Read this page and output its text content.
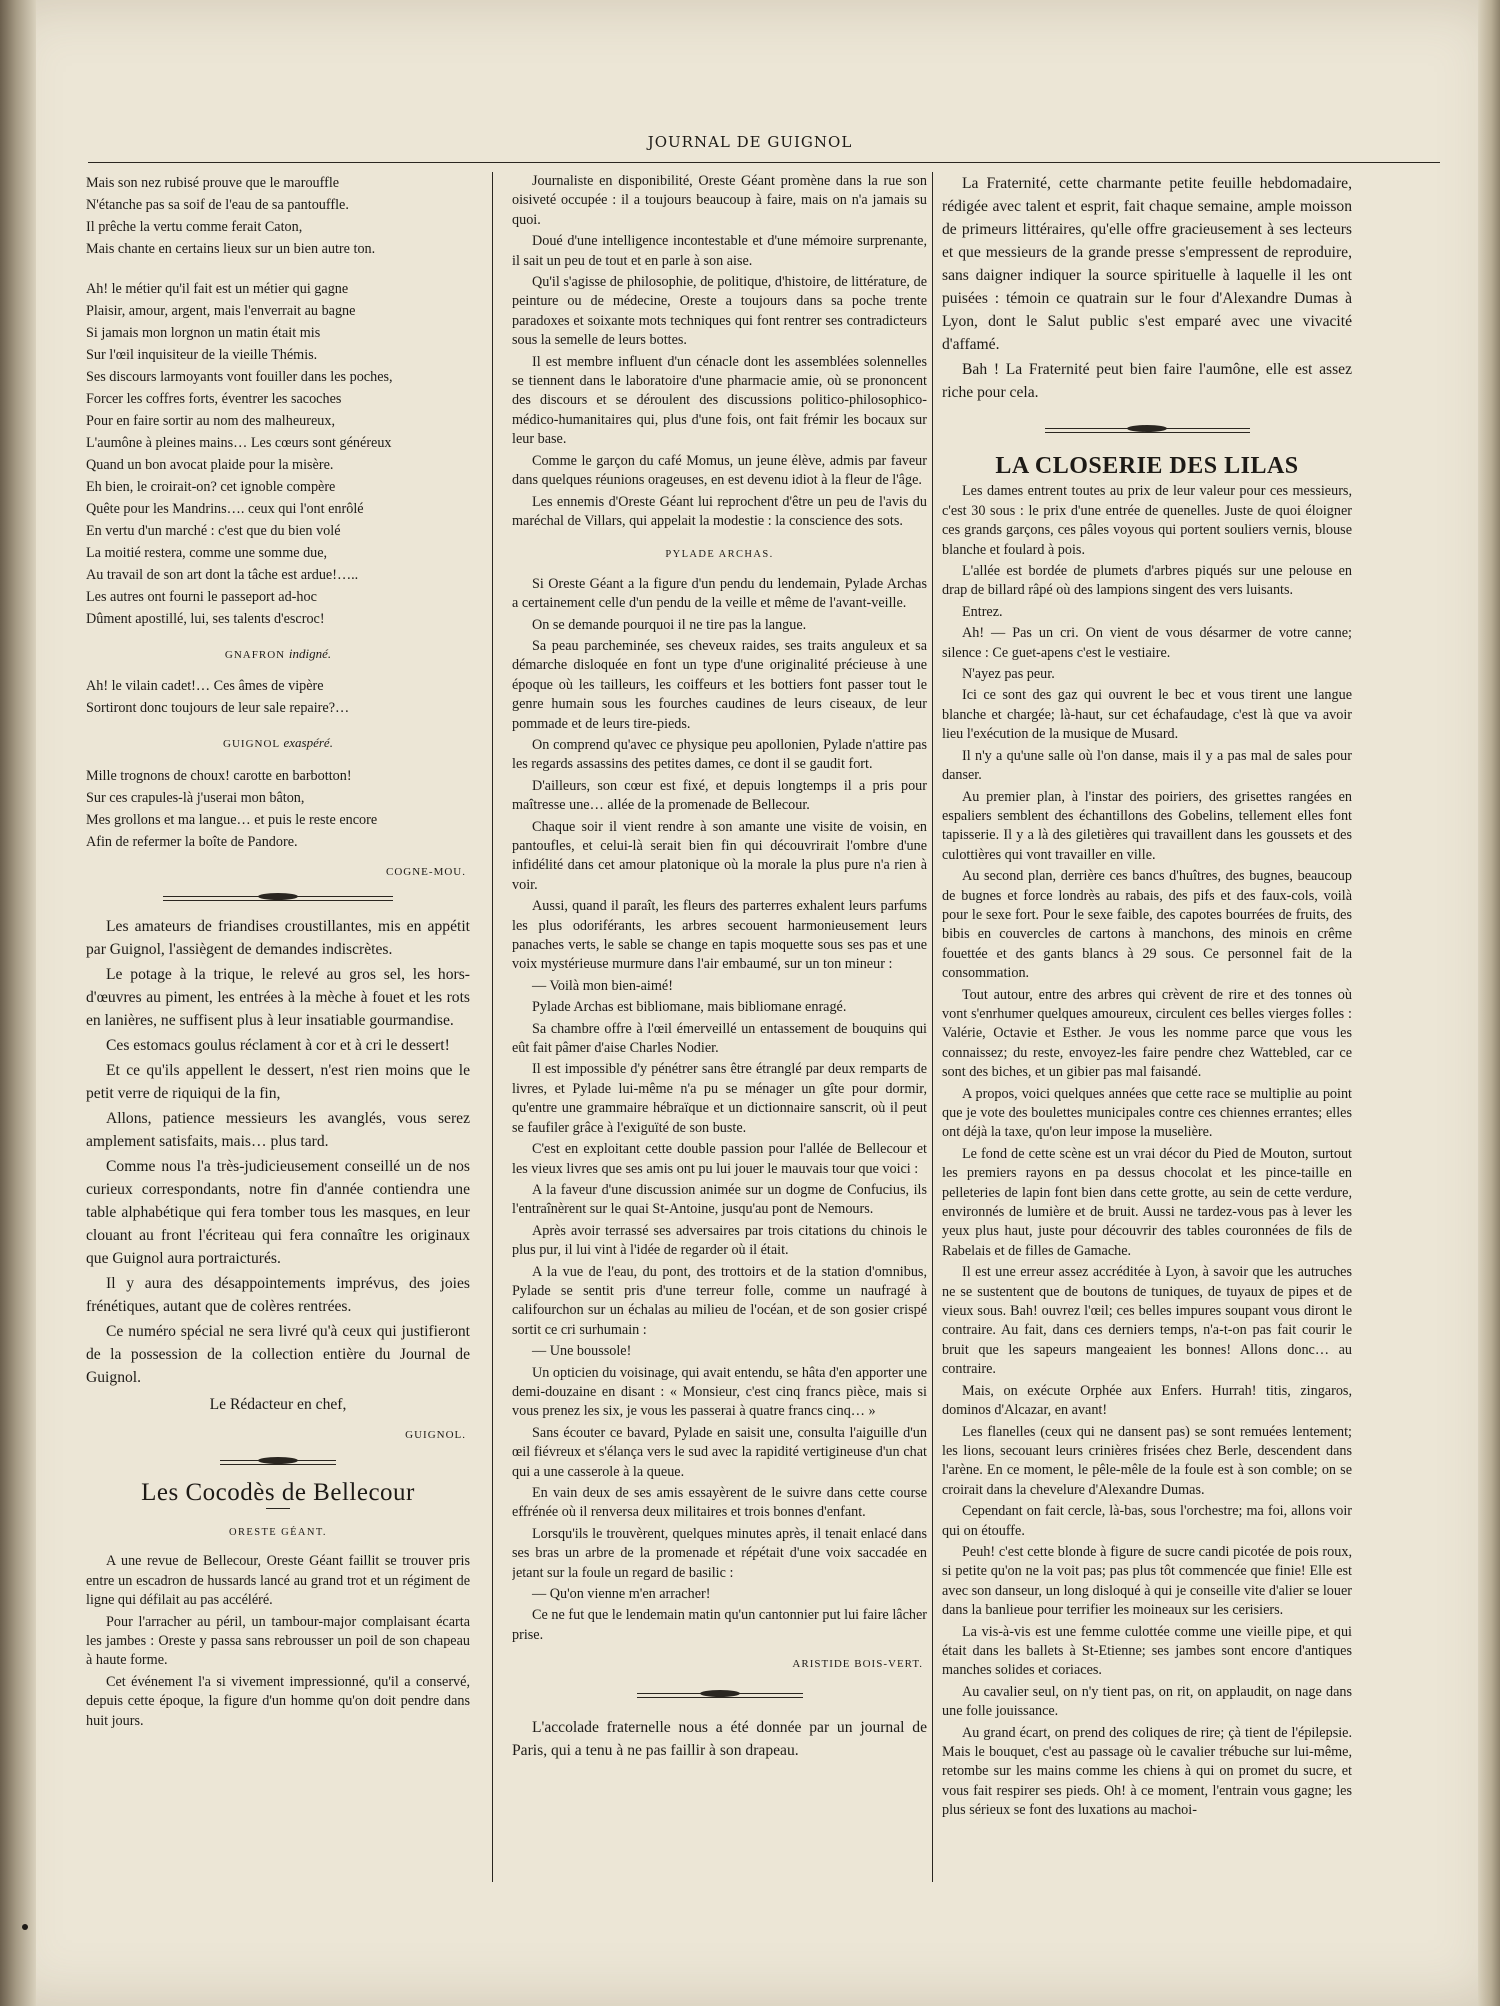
JOURNAL DE GUIGNOL

Mais son nez rubisé prouve que le marouffle

N'étanche pas sa soif de l'eau de sa pantouffle.

Il prêche la vertu comme ferait Caton,

Mais chante en certains lieux sur un bien autre ton.

Ah! le métier qu'il fait est un métier qui gagne

Plaisir, amour, argent, mais l'enverrait au bagne

Si jamais mon lorgnon un matin était mis

Sur l'œil inquisiteur de la vieille Thémis.

Ses discours larmoyants vont fouiller dans les poches,

Forcer les coffres forts, éventrer les sacoches

Pour en faire sortir au nom des malheureux,

L'aumône à pleines mains… Les cœurs sont généreux

Quand un bon avocat plaide pour la misère.

Eh bien, le croirait-on? cet ignoble compère

Quête pour les Mandrins…. ceux qui l'ont enrôlé

En vertu d'un marché : c'est que du bien volé

La moitié restera, comme une somme due,

Au travail de son art dont la tâche est ardue!…..

Les autres ont fourni le passeport ad-hoc

Dûment apostillé, lui, ses talents d'escroc!

GNAFRON indigné.

Ah! le vilain cadet!… Ces âmes de vipère

Sortiront donc toujours de leur sale repaire?…

GUIGNOL exaspéré.

Mille trognons de choux! carotte en barbotton!

Sur ces crapules-là j'userai mon bâton,

Mes grollons et ma langue… et puis le reste encore

Afin de refermer la boîte de Pandore.

COGNE-MOU.

Les amateurs de friandises croustillantes, mis en appétit par Guignol, l'assiègent de demandes indiscrètes.

Le potage à la trique, le relevé au gros sel, les hors-d'œuvres au piment, les entrées à la mèche à fouet et les rots en lanières, ne suffisent plus à leur insatiable gourmandise.

Ces estomacs goulus réclament à cor et à cri le dessert!

Et ce qu'ils appellent le dessert, n'est rien moins que le petit verre de riquiqui de la fin,

Allons, patience messieurs les avanglés, vous serez amplement satisfaits, mais… plus tard.

Comme nous l'a très-judicieusement conseillé un de nos curieux correspondants, notre fin d'année contiendra une table alphabétique qui fera tomber tous les masques, en leur clouant au front l'écriteau qui fera connaître les originaux que Guignol aura portraicturés.

Il y aura des désappointements imprévus, des joies frénétiques, autant que de colères rentrées.

Ce numéro spécial ne sera livré qu'à ceux qui justifieront de la possession de la collection entière du Journal de Guignol.

Le Rédacteur en chef,

GUIGNOL.
Les Cocodès de Bellecour
ORESTE GÉANT.

A une revue de Bellecour, Oreste Géant faillit se trouver pris entre un escadron de hussards lancé au grand trot et un régiment de ligne qui défilait au pas accéléré.

Pour l'arracher au péril, un tambour-major complaisant écarta les jambes : Oreste y passa sans rebrousser un poil de son chapeau à haute forme.

Cet événement l'a si vivement impressionné, qu'il a conservé, depuis cette époque, la figure d'un homme qu'on doit pendre dans huit jours.

Journaliste en disponibilité, Oreste Géant promène dans la rue son oisiveté occupée : il a toujours beaucoup à faire, mais on n'a jamais su quoi.

Doué d'une intelligence incontestable et d'une mémoire surprenante, il sait un peu de tout et en parle à son aise.

Qu'il s'agisse de philosophie, de politique, d'histoire, de littérature, de peinture ou de médecine, Oreste a toujours dans sa poche trente paradoxes et soixante mots techniques qui font rentrer ses contradicteurs sous la semelle de leurs bottes.

Il est membre influent d'un cénacle dont les assemblées solennelles se tiennent dans le laboratoire d'une pharmacie amie, où se prononcent des discours et se déroulent des discussions politico-philosophico-médico-humanitaires qui, plus d'une fois, ont fait frémir les bocaux sur leur base.

Comme le garçon du café Momus, un jeune élève, admis par faveur dans quelques réunions orageuses, en est devenu idiot à la fleur de l'âge.

Les ennemis d'Oreste Géant lui reprochent d'être un peu de l'avis du maréchal de Villars, qui appelait la modestie : la conscience des sots.

PYLADE ARCHAS.

Si Oreste Géant a la figure d'un pendu du lendemain, Pylade Archas a certainement celle d'un pendu de la veille et même de l'avant-veille.

On se demande pourquoi il ne tire pas la langue.

Sa peau parcheminée, ses cheveux raides, ses traits anguleux et sa démarche disloquée en font un type d'une originalité précieuse à une époque où les tailleurs, les coiffeurs et les bottiers font passer tout le genre humain sous les fourches caudines de leurs ciseaux, de leur pommade et de leurs tire-pieds.

On comprend qu'avec ce physique peu apollonien, Pylade n'attire pas les regards assassins des petites dames, ce dont il se gaudit fort.

D'ailleurs, son cœur est fixé, et depuis longtemps il a pris pour maîtresse une… allée de la promenade de Bellecour.

Chaque soir il vient rendre à son amante une visite de voisin, en pantoufles, et celui-là serait bien fin qui découvrirait l'ombre d'une infidélité dans cet amour platonique où la morale la plus pure n'a rien à voir.

Aussi, quand il paraît, les fleurs des parterres exhalent leurs parfums les plus odoriférants, les arbres secouent harmonieusement leurs panaches verts, le sable se change en tapis moquette sous ses pas et une voix mystérieuse murmure dans l'air embaumé, sur un ton mineur :

— Voilà mon bien-aimé!

Pylade Archas est bibliomane, mais bibliomane enragé.

Sa chambre offre à l'œil émerveillé un entassement de bouquins qui eût fait pâmer d'aise Charles Nodier.

Il est impossible d'y pénétrer sans être étranglé par deux remparts de livres, et Pylade lui-même n'a pu se ménager un gîte pour dormir, qu'entre une grammaire hébraïque et un dictionnaire sanscrit, où il peut se faufiler grâce à l'exiguïté de son buste.

C'est en exploitant cette double passion pour l'allée de Bellecour et les vieux livres que ses amis ont pu lui jouer le mauvais tour que voici :

A la faveur d'une discussion animée sur un dogme de Confucius, ils l'entraînèrent sur le quai St-Antoine, jusqu'au pont de Nemours.

Après avoir terrassé ses adversaires par trois citations du chinois le plus pur, il lui vint à l'idée de regarder où il était.

A la vue de l'eau, du pont, des trottoirs et de la station d'omnibus, Pylade se sentit pris d'une terreur folle, comme un naufragé à califourchon sur un échalas au milieu de l'océan, et de son gosier crispé sortit ce cri surhumain :

— Une boussole!

Un opticien du voisinage, qui avait entendu, se hâta d'en apporter une demi-douzaine en disant : « Monsieur, c'est cinq francs pièce, mais si vous prenez les six, je vous les passerai à quatre francs cinq… »

Sans écouter ce bavard, Pylade en saisit une, consulta l'aiguille d'un œil fiévreux et s'élança vers le sud avec la rapidité vertigineuse d'un chat qui a une casserole à la queue.

En vain deux de ses amis essayèrent de le suivre dans cette course effrénée où il renversa deux militaires et trois bonnes d'enfant.

Lorsqu'ils le trouvèrent, quelques minutes après, il tenait enlacé dans ses bras un arbre de la promenade et répétait d'une voix saccadée en jetant sur la foule un regard de basilic :

— Qu'on vienne m'en arracher!

Ce ne fut que le lendemain matin qu'un cantonnier put lui faire lâcher prise.

ARISTIDE BOIS-VERT.

L'accolade fraternelle nous a été donnée par un journal de Paris, qui a tenu à ne pas faillir à son drapeau.

La Fraternité, cette charmante petite feuille hebdomadaire, rédigée avec talent et esprit, fait chaque semaine, ample moisson de primeurs littéraires, qu'elle offre gracieusement à ses lecteurs et que messieurs de la grande presse s'empressent de reproduire, sans daigner indiquer la source spirituelle à laquelle il les ont puisées : témoin ce quatrain sur le four d'Alexandre Dumas à Lyon, dont le Salut public s'est emparé avec une vivacité d'affamé.

Bah ! La Fraternité peut bien faire l'aumône, elle est assez riche pour cela.

LA CLOSERIE DES LILAS

Les dames entrent toutes au prix de leur valeur pour ces messieurs, c'est 30 sous : le prix d'une entrée de quenelles. Juste de quoi éloigner ces grands garçons, ces pâles voyous qui portent souliers vernis, blouse blanche et foulard à pois.

L'allée est bordée de plumets d'arbres piqués sur une pelouse en drap de billard râpé où des lampions singent des vers luisants.

Entrez.

Ah! — Pas un cri. On vient de vous désarmer de votre canne; silence : Ce guet-apens c'est le vestiaire.

N'ayez pas peur.

Ici ce sont des gaz qui ouvrent le bec et vous tirent une langue blanche et chargée; là-haut, sur cet échafaudage, c'est là que va avoir lieu l'exécution de la musique de Musard.

Il n'y a qu'une salle où l'on danse, mais il y a pas mal de sales pour danser.

Au premier plan, à l'instar des poiriers, des grisettes rangées en espaliers semblent des échantillons des Gobelins, tellement elles font tapisserie. Il y a là des giletières qui travaillent dans les goussets et des culottières qui vont travailler en ville.

Au second plan, derrière ces bancs d'huîtres, des bugnes, beaucoup de bugnes et force londrès au rabais, des pifs et des faux-cols, voilà pour le sexe fort. Pour le sexe faible, des capotes bourrées de fruits, des bibis en couvercles de cartons à manchons, des minois en crême fouettée et des gants blancs à 29 sous. Ce personnel fait de la consommation.

Tout autour, entre des arbres qui crèvent de rire et des tonnes où vont s'enrhumer quelques amoureux, circulent ces belles vierges folles : Valérie, Octavie et Esther. Je vous les nomme parce que vous les connaissez; du reste, envoyez-les faire pendre chez Wattebled, car ce sont des biches, et un gibier pas mal faisandé.

A propos, voici quelques années que cette race se multiplie au point que je vote des boulettes municipales contre ces chiennes errantes; elles ont déjà la taxe, qu'on leur impose la muselière.

Le fond de cette scène est un vrai décor du Pied de Mouton, surtout les premiers rayons en pa dessus chocolat et les pince-taille en pelleteries de lapin font bien dans cette grotte, au sein de cette verdure, environnés de lumière et de bruit. Aussi ne tardez-vous pas à lever les yeux plus haut, juste pour découvrir des tables couronnées de fils de Rabelais et de filles de Gamache.

Il est une erreur assez accréditée à Lyon, à savoir que les autruches ne se sustentent que de boutons de tuniques, de tuyaux de pipes et de vieux sous. Bah! ouvrez l'œil; ces belles impures soupant vous diront le contraire. Au fait, dans ces derniers temps, n'a-t-on pas fait courir le bruit que les sapeurs mangeaient les bonnes! Allons donc… au contraire.

Mais, on exécute Orphée aux Enfers. Hurrah! titis, zingaros, dominos d'Alcazar, en avant!

Les flanelles (ceux qui ne dansent pas) se sont remuées lentement; les lions, secouant leurs crinières frisées chez Berle, descendent dans l'arène. En ce moment, le pêle-mêle de la foule est à son comble; on se croirait dans la chevelure d'Alexandre Dumas.

Cependant on fait cercle, là-bas, sous l'orchestre; ma foi, allons voir qui on étouffe.

Peuh! c'est cette blonde à figure de sucre candi picotée de pois roux, si petite qu'on ne la voit pas; pas plus tôt commencée que finie! Elle est avec son danseur, un long disloqué à qui je conseille vite d'alier se louer dans la banlieue pour terrifier les moineaux sur les cerisiers.

La vis-à-vis est une femme culottée comme une vieille pipe, et qui était dans les ballets à St-Etienne; ses jambes sont encore d'antiques manches solides et coriaces.

Au cavalier seul, on n'y tient pas, on rit, on applaudit, on nage dans une folle jouissance.

Au grand écart, on prend des coliques de rire; çà tient de l'épilepsie. Mais le bouquet, c'est au passage où le cavalier trébuche sur lui-même, retombe sur les mains comme les chiens à qui on promet du sucre, et vous fait respirer ses pieds. Oh! à ce moment, l'entrain vous gagne; les plus sérieux se font des luxations au machoi-
